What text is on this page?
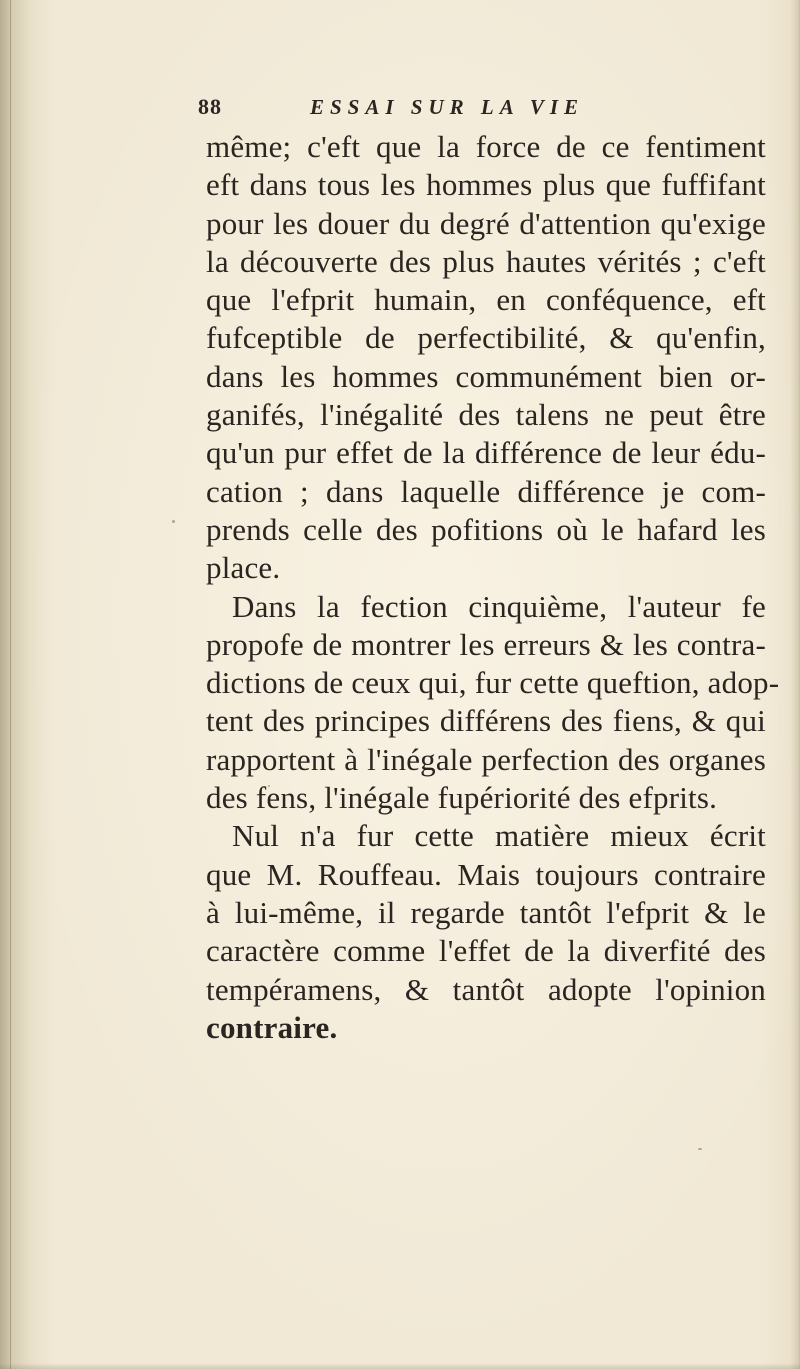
88	ESSAI SUR LA VIE
même; c'eft que la force de ce fentiment
eft dans tous les hommes plus que fuffifant
pour les douer du degré d'attention qu'exige
la découverte des plus hautes vérités ; c'eft
que l'efprit humain, en conféquence, eft
fufceptible de perfectibilité, & qu'enfin,
dans les hommes communément bien or-
ganifés, l'inégalité des talens ne peut être
qu'un pur effet de la différence de leur édu-
cation ; dans laquelle différence je com-
prends celle des pofitions où le hafard les
place.
Dans la fection cinquième, l'auteur fe
propofe de montrer les erreurs & les contra-
dictions de ceux qui, fur cette queftion, adop-
tent des principes différens des fiens, & qui
rapportent à l'inégale perfection des organes
des fens, l'inégale fupériorité des efprits.
Nul n'a fur cette matière mieux écrit
que M. Rouffeau. Mais toujours contraire
à lui-même, il regarde tantôt l'efprit & le
caractère comme l'effet de la diverfité des
tempéramens, & tantôt adopte l'opinion
contraire.
